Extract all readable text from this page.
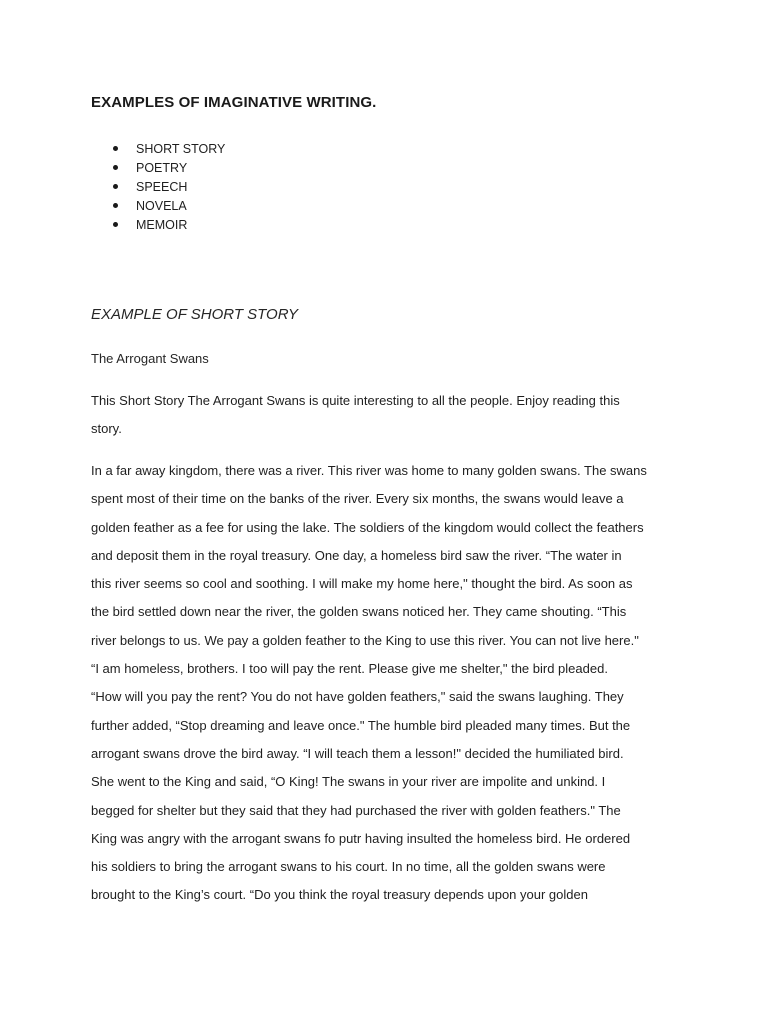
EXAMPLES OF IMAGINATIVE WRITING.
SHORT STORY
POETRY
SPEECH
NOVELA
MEMOIR
EXAMPLE OF SHORT STORY
The Arrogant Swans
This Short Story The Arrogant Swans is quite interesting to all the people. Enjoy reading this
story.
In a far away kingdom, there was a river. This river was home to many golden swans. The swans
spent most of their time on the banks of the river. Every six months, the swans would leave a
golden feather as a fee for using the lake. The soldiers of the kingdom would collect the feathers
and deposit them in the royal treasury. One day, a homeless bird saw the river. “The water in
this river seems so cool and soothing. I will make my home here," thought the bird. As soon as
the bird settled down near the river, the golden swans noticed her. They came shouting. “This
river belongs to us. We pay a golden feather to the King to use this river. You can not live here."
“I am homeless, brothers. I too will pay the rent. Please give me shelter," the bird pleaded.
“How will you pay the rent? You do not have golden feathers," said the swans laughing. They
further added, “Stop dreaming and leave once." The humble bird pleaded many times. But the
arrogant swans drove the bird away. “I will teach them a lesson!" decided the humiliated bird.
She went to the King and said, “O King! The swans in your river are impolite and unkind. I
begged for shelter but they said that they had purchased the river with golden feathers." The
King was angry with the arrogant swans fo putr having insulted the homeless bird. He ordered
his soldiers to bring the arrogant swans to his court. In no time, all the golden swans were
brought to the King’s court. “Do you think the royal treasury depends upon your golden
